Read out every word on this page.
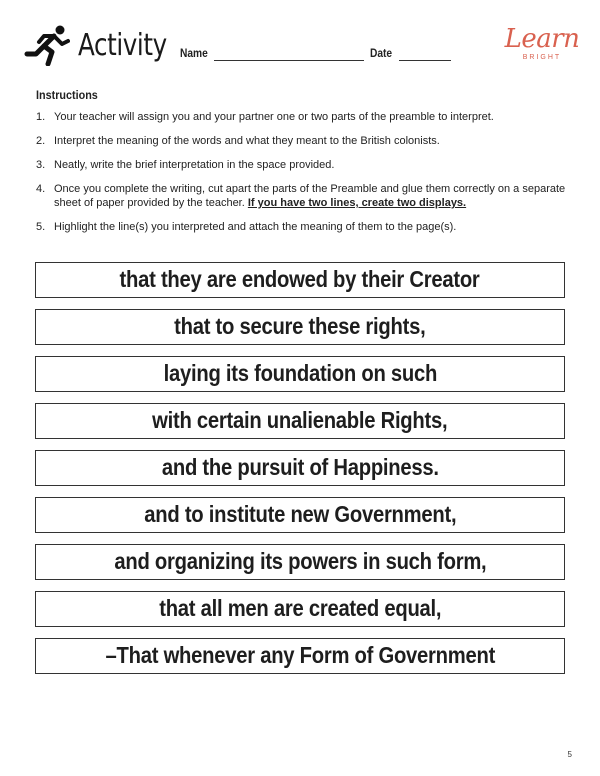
Activity Name	Date	Learn
BRIGHT
Instructions
1. Your teacher will assign you and your partner one or two parts of the preamble to interpret.
2. Interpret the meaning of the words and what they meant to the British colonists.
3. Neatly, write the brief interpretation in the space provided.
4. Once you complete the writing, cut apart the parts of the Preamble and glue them correctly on a separate sheet of paper provided by the teacher. If you have two lines, create two displays.
5. Highlight the line(s) you interpreted and attach the meaning of them to the page(s).
that they are endowed by their Creator
that to secure these rights,
laying its foundation on such
with certain unalienable Rights,
and the pursuit of Happiness.
and to institute new Government,
and organizing its powers in such form,
that all men are created equal,
–That whenever any Form of Government
5
